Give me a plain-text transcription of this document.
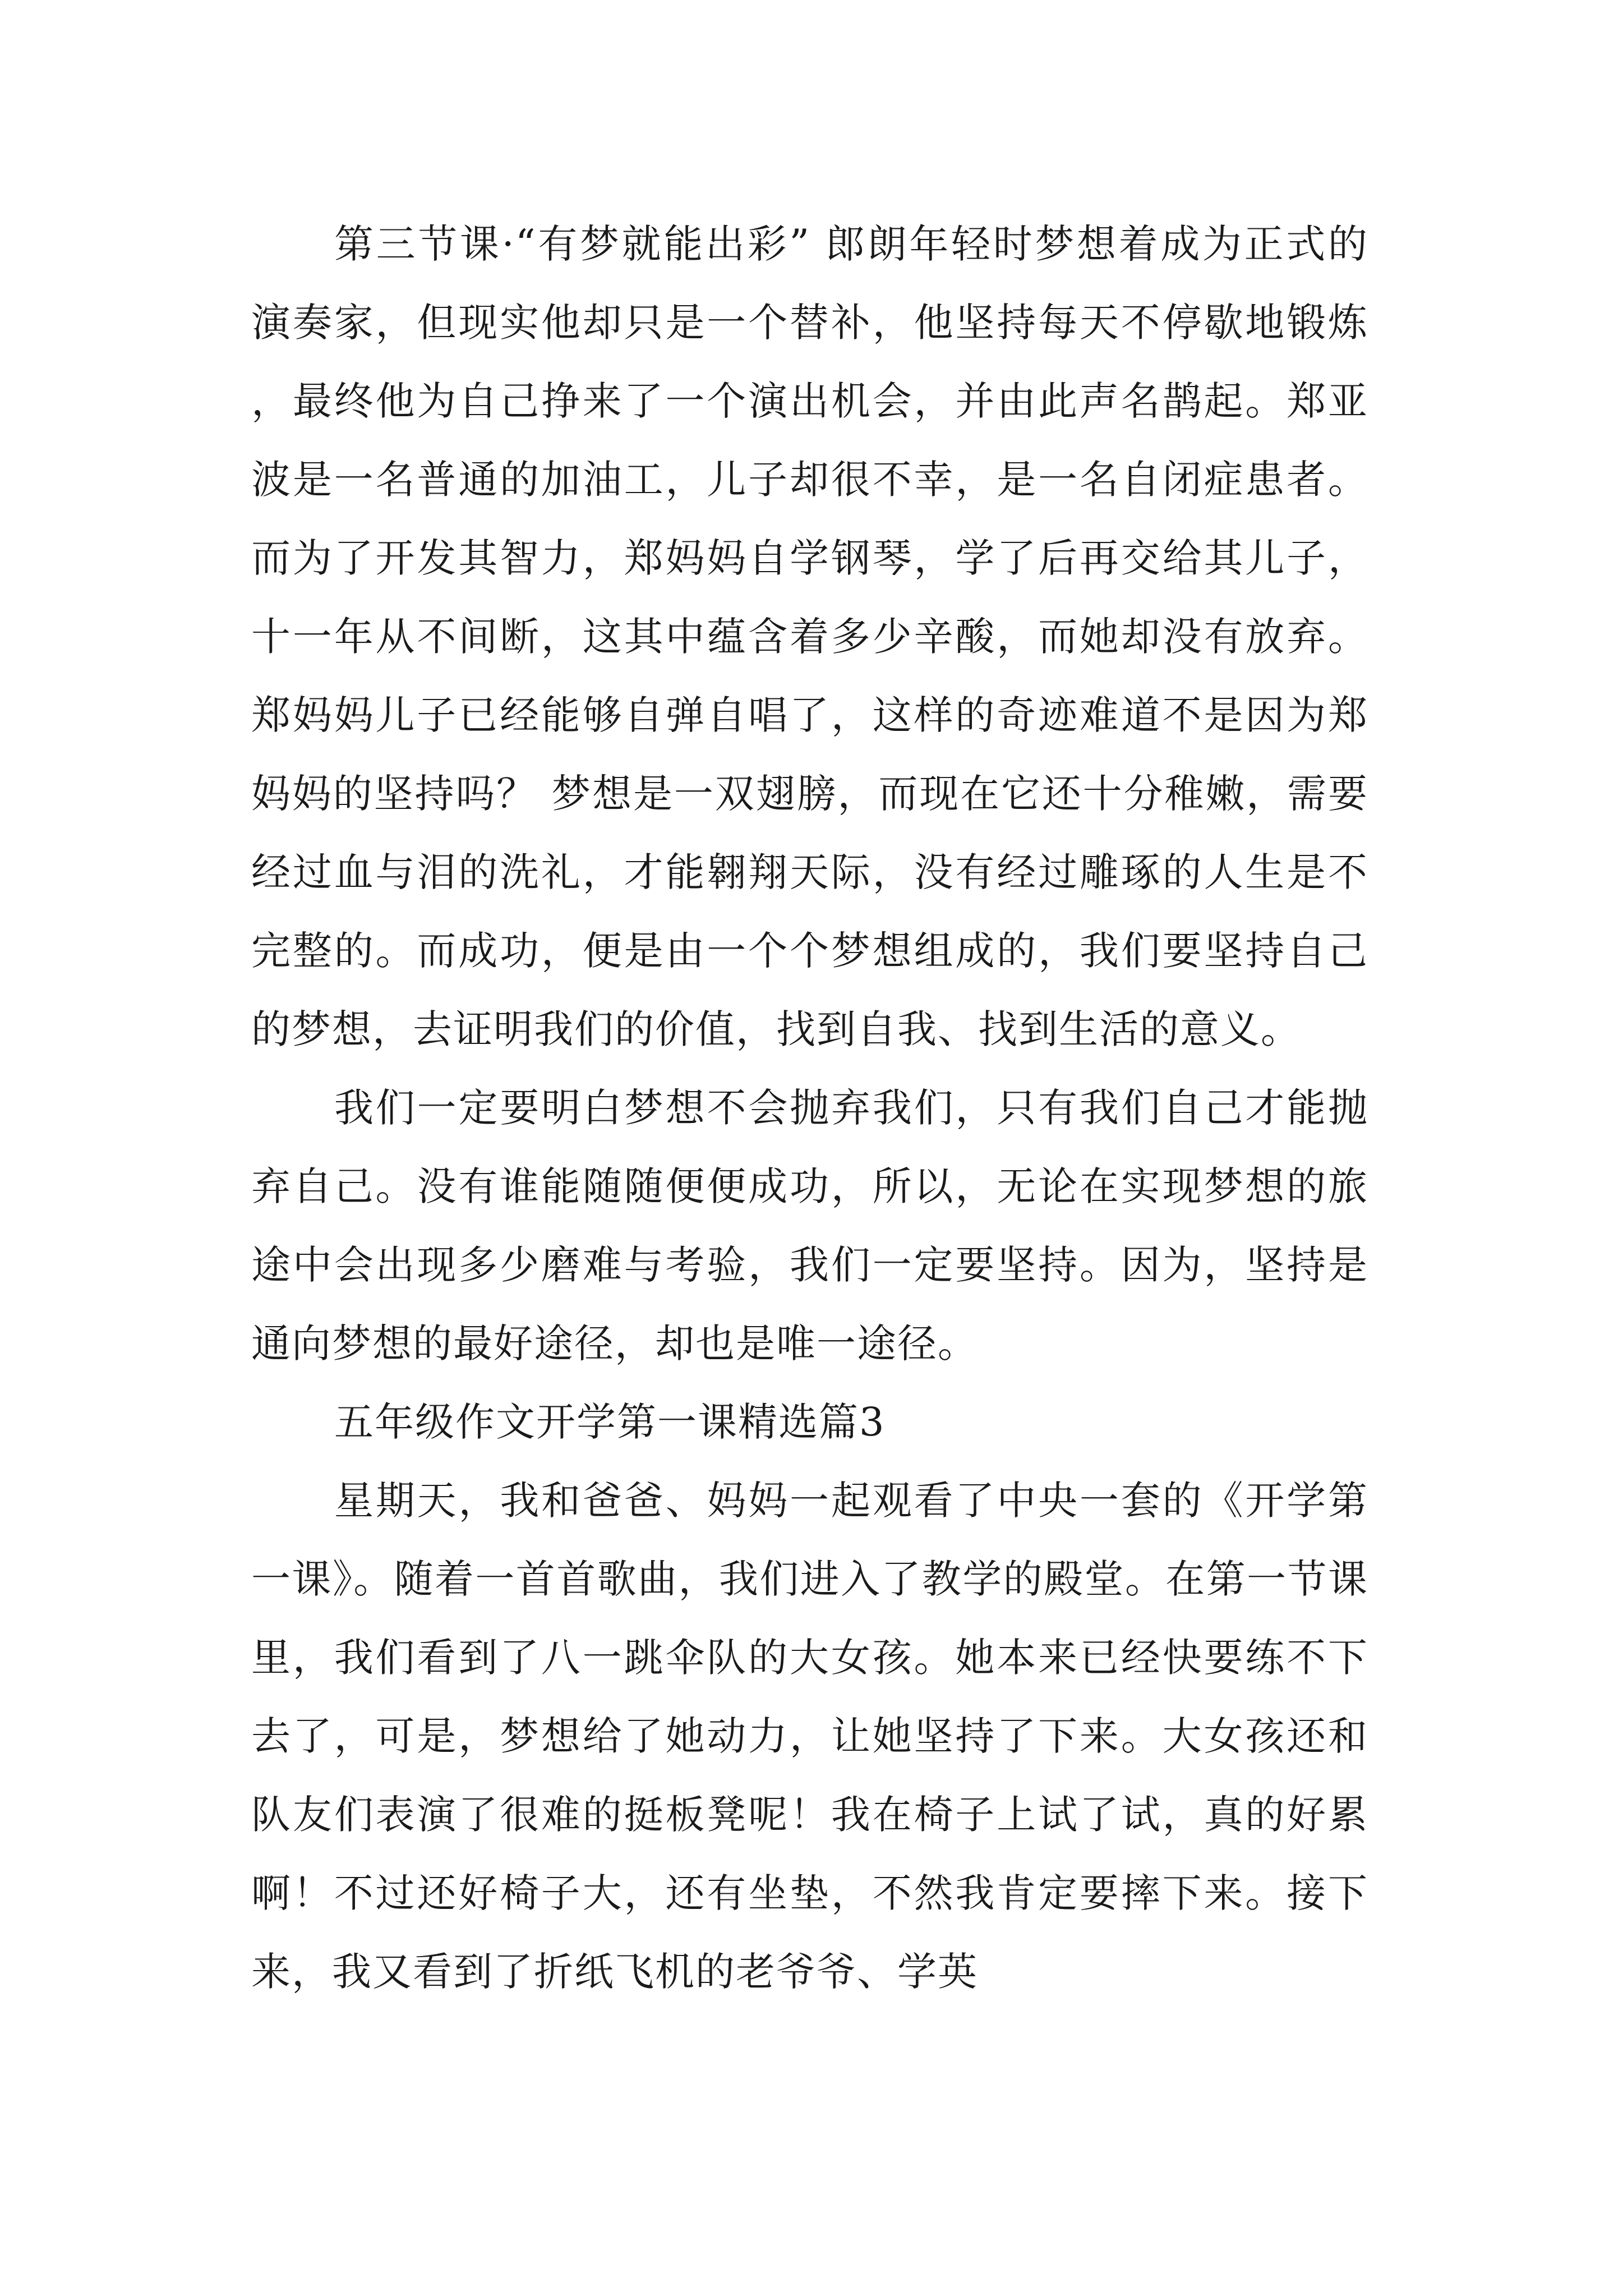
第三节课·“有梦就能出彩” 郎朗年轻时梦想着成为正式的演奏家，但现实他却只是一个替补，他坚持每天不停歇地锻炼，最终他为自己挣来了一个演出机会，并由此声名鹊起。郑亚波是一名普通的加油工，儿子却很不幸，是一名自闭症患者。而为了开发其智力，郑妈妈自学钢琴，学了后再交给其儿子，十一年从不间断，这其中蕴含着多少辛酸，而她却没有放弃。郑妈妈儿子已经能够自弹自唱了，这样的奇迹难道不是因为郑妈妈的坚持吗？ 梦想是一双翅膀，而现在它还十分稚嫩，需要经过血与泪的洗礼，才能翱翔天际，没有经过雕琢的人生是不完整的。而成功，便是由一个个梦想组成的，我们要坚持自己的梦想，去证明我们的价值，找到自我、找到生活的意义。

我们一定要明白梦想不会抛弃我们，只有我们自己才能抛弃自己。没有谁能随随便便成功，所以，无论在实现梦想的旅途中会出现多少磨难与考验，我们一定要坚持。因为，坚持是通向梦想的最好途径，却也是唯一途径。

五年级作文开学第一课精选篇3

星期天，我和爸爸、妈妈一起观看了中央一套的《开学第一课》。随着一首首歌曲，我们进入了教学的殿堂。在第一节课里，我们看到了八一跳伞队的大女孩。她本来已经快要练不下去了，可是，梦想给了她动力，让她坚持了下来。大女孩还和队友们表演了很难的挺板凳呢！我在椅子上试了试，真的好累啊！不过还好椅子大，还有坐垫，不然我肯定要摔下来。接下来，我又看到了折纸飞机的老爷爷、学英
